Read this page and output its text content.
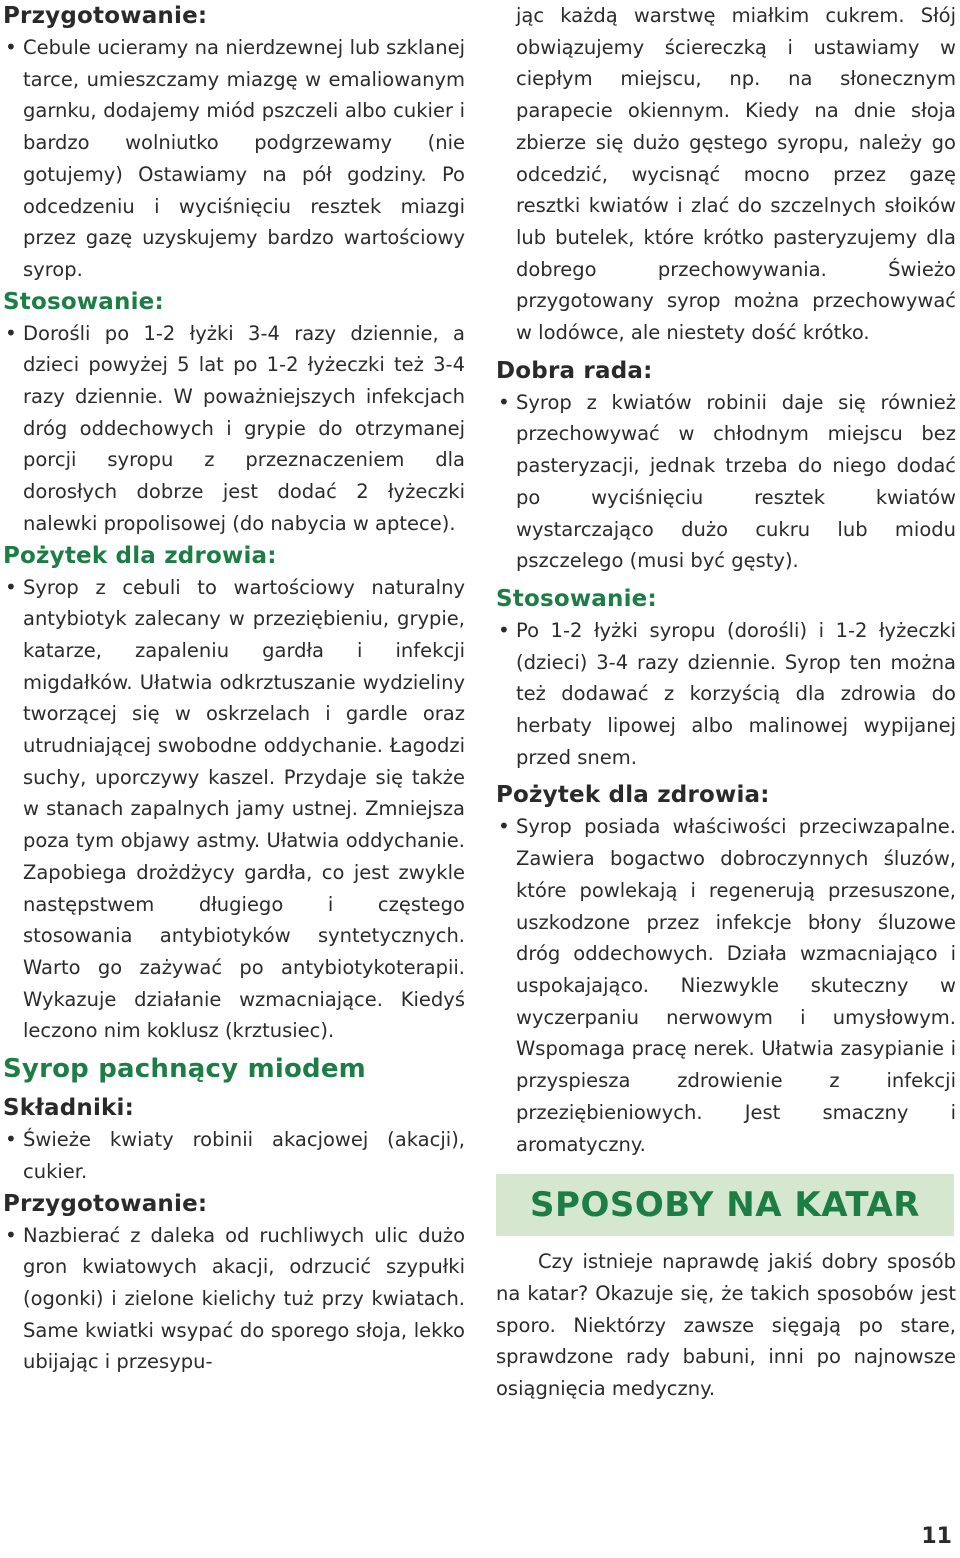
Przygotowanie:

• Cebule ucieramy na nierdzewnej lub szklanej tarce, umieszczamy miazgę w emaliowanym garnku, dodajemy miód pszczeli albo cukier i bardzo wolniutko podgrzewamy (nie gotujemy) Ostawiamy na pół godziny. Po odcedzeniu i wyciśnięciu resztek miazgi przez gazę uzyskujemy bardzo wartościowy syrop.

Stosowanie:

• Dorośli po 1-2 łyżki 3-4 razy dziennie, a dzieci powyżej 5 lat po 1-2 łyżeczki też 3-4 razy dziennie. W poważniejszych infekcjach dróg oddechowych i grypie do otrzymanej porcji syropu z przeznaczeniem dla dorosłych dobrze jest dodać 2 łyżeczki nalewki propolisowej (do nabycia w aptece).

Pożytek dla zdrowia:

• Syrop z cebuli to wartościowy naturalny antybiotyk zalecany w przeziębieniu, grypie, katarze, zapaleniu gardła i infekcji migdałków. Ułatwia odkrztuszanie wydzieliny tworzącej się w oskrzelach i gardle oraz utrudniającej swobodne oddychanie. Łagodzi suchy, uporczywy kaszel. Przydaje się także w stanach zapalnych jamy ustnej. Zmniejsza poza tym objawy astmy. Ułatwia oddychanie. Zapobiega drożdżycy gardła, co jest zwykle następstwem długiego i częstego stosowania antybiotyków syntetycznych. Warto go zażywać po antybiotykoterapii. Wykazuje działanie wzmacniające. Kiedyś leczono nim koklusz (krztusiec).

Syrop pachnący miodem
Składniki:

• Świeże kwiaty robinii akacjowej (akacji), cukier.

Przygotowanie:

• Nazbierać z daleka od ruchliwych ulic dużo gron kwiatowych akacji, odrzucić szypułki (ogonki) i zielone kielichy tuż przy kwiatach. Same kwiatki wsypać do sporego słoja, lekko ubijając i przesypu-

jąc każdą warstwę miałkim cukrem. Słój obwiązujemy ściereczką i ustawiamy w ciepłym miejscu, np. na słonecznym parapecie okiennym. Kiedy na dnie słoja zbierze się dużo gęstego syropu, należy go odcedzić, wycisnąć mocno przez gazę resztki kwiatów i zlać do szczelnych słoików lub butelek, które krótko pasteryzujemy dla dobrego przechowywania. Świeżo przygotowany syrop można przechowywać w lodówce, ale niestety dość krótko.

Dobra rada:

• Syrop z kwiatów robinii daje się również przechowywać w chłodnym miejscu bez pasteryzacji, jednak trzeba do niego dodać po wyciśnięciu resztek kwiatów wystarczająco dużo cukru lub miodu pszczelego (musi być gęsty).

Stosowanie:

• Po 1-2 łyżki syropu (dorośli) i 1-2 łyżeczki (dzieci) 3-4 razy dziennie. Syrop ten można też dodawać z korzyścią dla zdrowia do herbaty lipowej albo malinowej wypijanej przed snem.

Pożytek dla zdrowia:

• Syrop posiada właściwości przeciwzapalne. Zawiera bogactwo dobroczynnych śluzów, które powlekają i regenerują przesuszone, uszkodzone przez infekcje błony śluzowe dróg oddechowych. Działa wzmacniająco i uspokajająco. Niezwykle skuteczny w wyczerpaniu nerwowym i umysłowym. Wspomaga pracę nerek. Ułatwia zasypianie i przyspiesza zdrowienie z infekcji przeziębieniowych. Jest smaczny i aromatyczny.

SPOSOBY NA KATAR

Czy istnieje naprawdę jakiś dobry sposób na katar? Okazuje się, że takich sposobów jest sporo. Niektórzy zawsze sięgają po stare, sprawdzone rady babuni, inni po najnowsze osiągnięcia medyczny.

11
